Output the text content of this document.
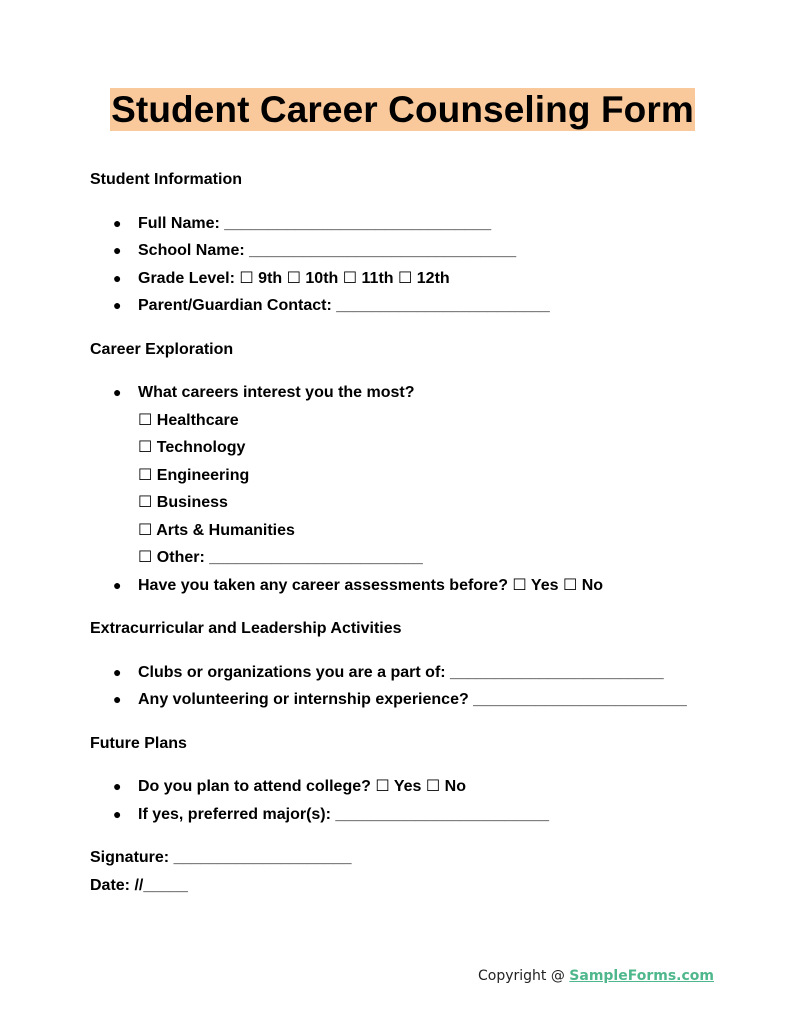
Student Career Counseling Form
Student Information
● Full Name: ______________________________
● School Name: ______________________________
● Grade Level: ☐ 9th ☐ 10th ☐ 11th ☐ 12th
● Parent/Guardian Contact: ________________________
Career Exploration
● What careers interest you the most?
☐ Healthcare
☐ Technology
☐ Engineering
☐ Business
☐ Arts & Humanities
☐ Other: ________________________
● Have you taken any career assessments before? ☐ Yes ☐ No
Extracurricular and Leadership Activities
● Clubs or organizations you are a part of: ________________________
● Any volunteering or internship experience? ________________________
Future Plans
● Do you plan to attend college? ☐ Yes ☐ No
● If yes, preferred major(s): ________________________
Signature: ____________________
Date: //_____
Copyright @ SampleForms.com
